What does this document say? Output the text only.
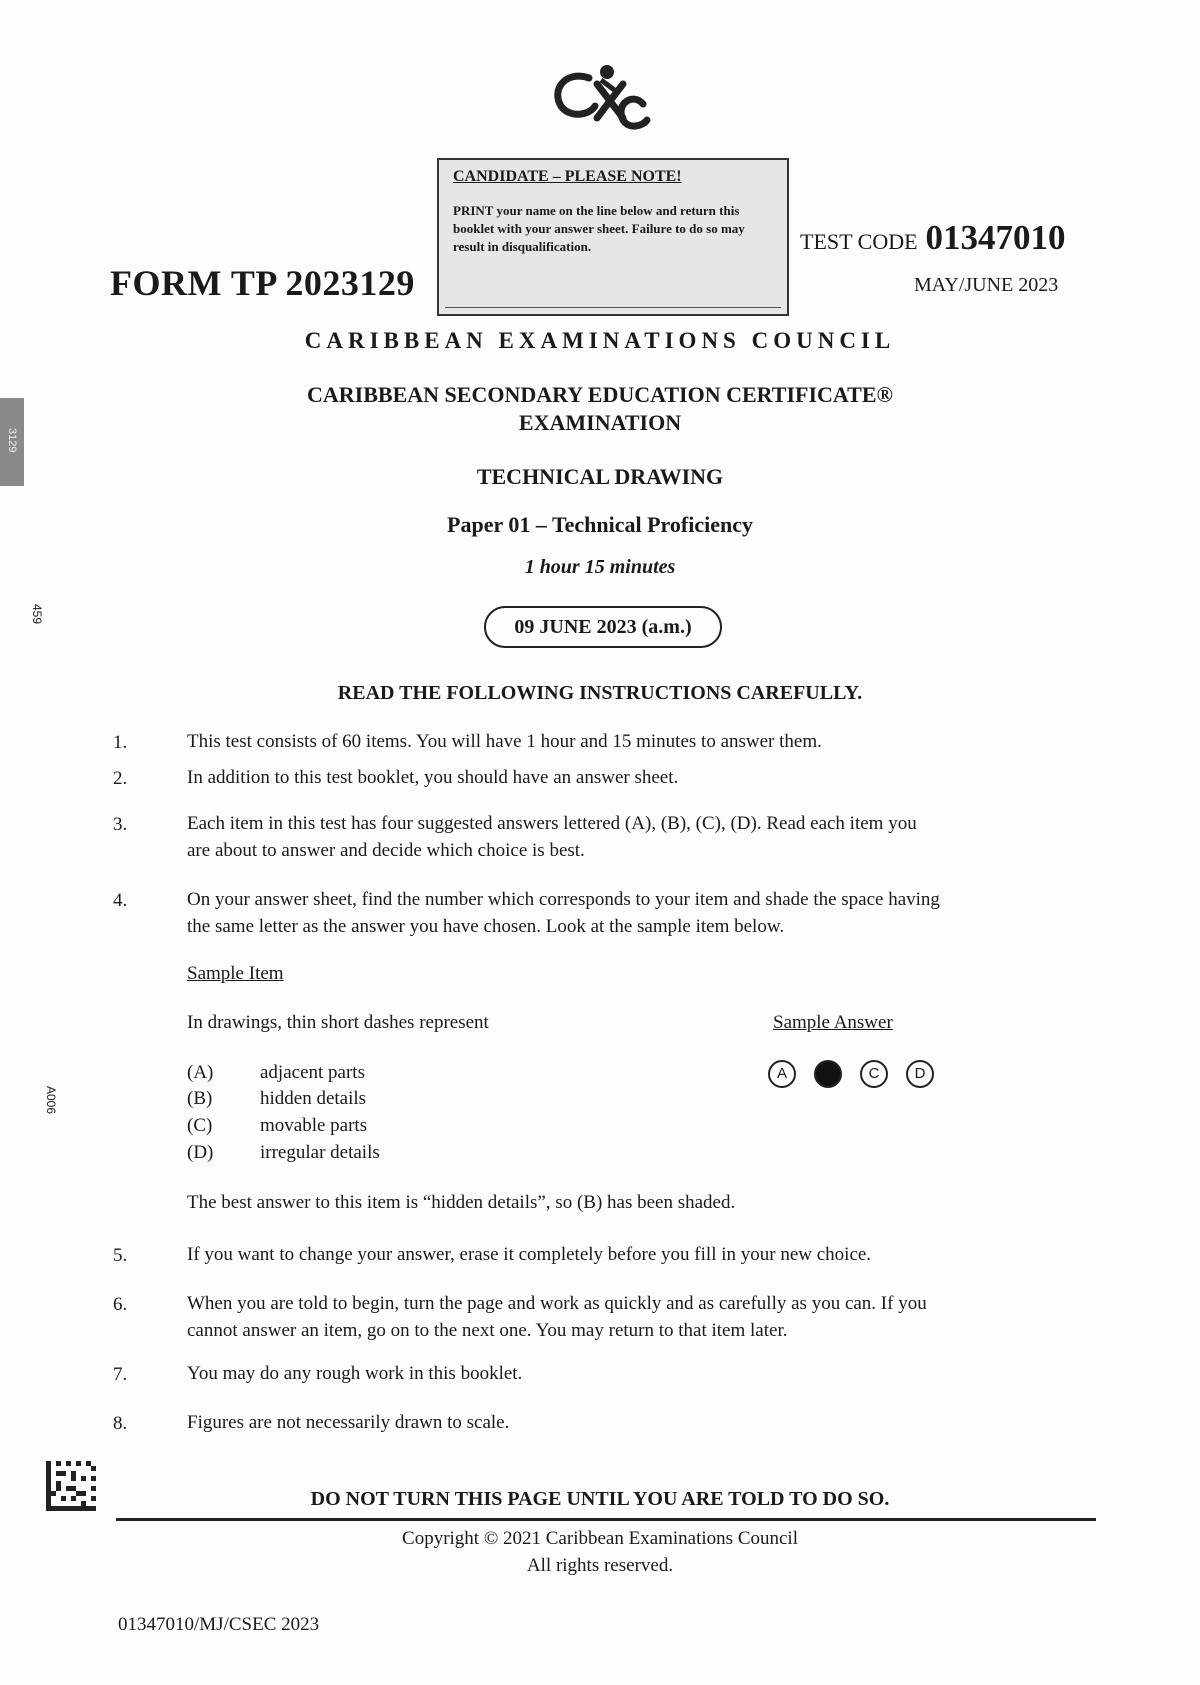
CANDIDATE – PLEASE NOTE!
PRINT your name on the line below and return this booklet with your answer sheet. Failure to do so may result in disqualification.
FORM TP 2023129
TEST CODE 01347010
MAY/JUNE 2023
CARIBBEAN EXAMINATIONS COUNCIL
CARIBBEAN SECONDARY EDUCATION CERTIFICATE®
EXAMINATION
TECHNICAL DRAWING
Paper 01 – Technical Proficiency
1 hour 15 minutes
09 JUNE 2023 (a.m.)
READ THE FOLLOWING INSTRUCTIONS CAREFULLY.
1.	This test consists of 60 items. You will have 1 hour and 15 minutes to answer them.
2.	In addition to this test booklet, you should have an answer sheet.
3.	Each item in this test has four suggested answers lettered (A), (B), (C), (D). Read each item you
are about to answer and decide which choice is best.
4.	On your answer sheet, find the number which corresponds to your item and shade the space having
the same letter as the answer you have chosen. Look at the sample item below.
Sample Item
In drawings, thin short dashes represent	Sample Answer
(A) adjacent parts
(B)	hidden details
(C)	movable parts
(D) irregular details
A	B	C	D
The best answer to this item is “hidden details”, so (B) has been shaded.
5.	If you want to change your answer, erase it completely before you fill in your new choice.
6.	When you are told to begin, turn the page and work as quickly and as carefully as you can. If you
cannot answer an item, go on to the next one. You may return to that item later.
7.	You may do any rough work in this booklet.
8.	Figures are not necessarily drawn to scale.
DO NOT TURN THIS PAGE UNTIL YOU ARE TOLD TO DO SO.
Copyright © 2021 Caribbean Examinations Council
All rights reserved.
01347010/MJ/CSEC 2023
3129
459
A006
